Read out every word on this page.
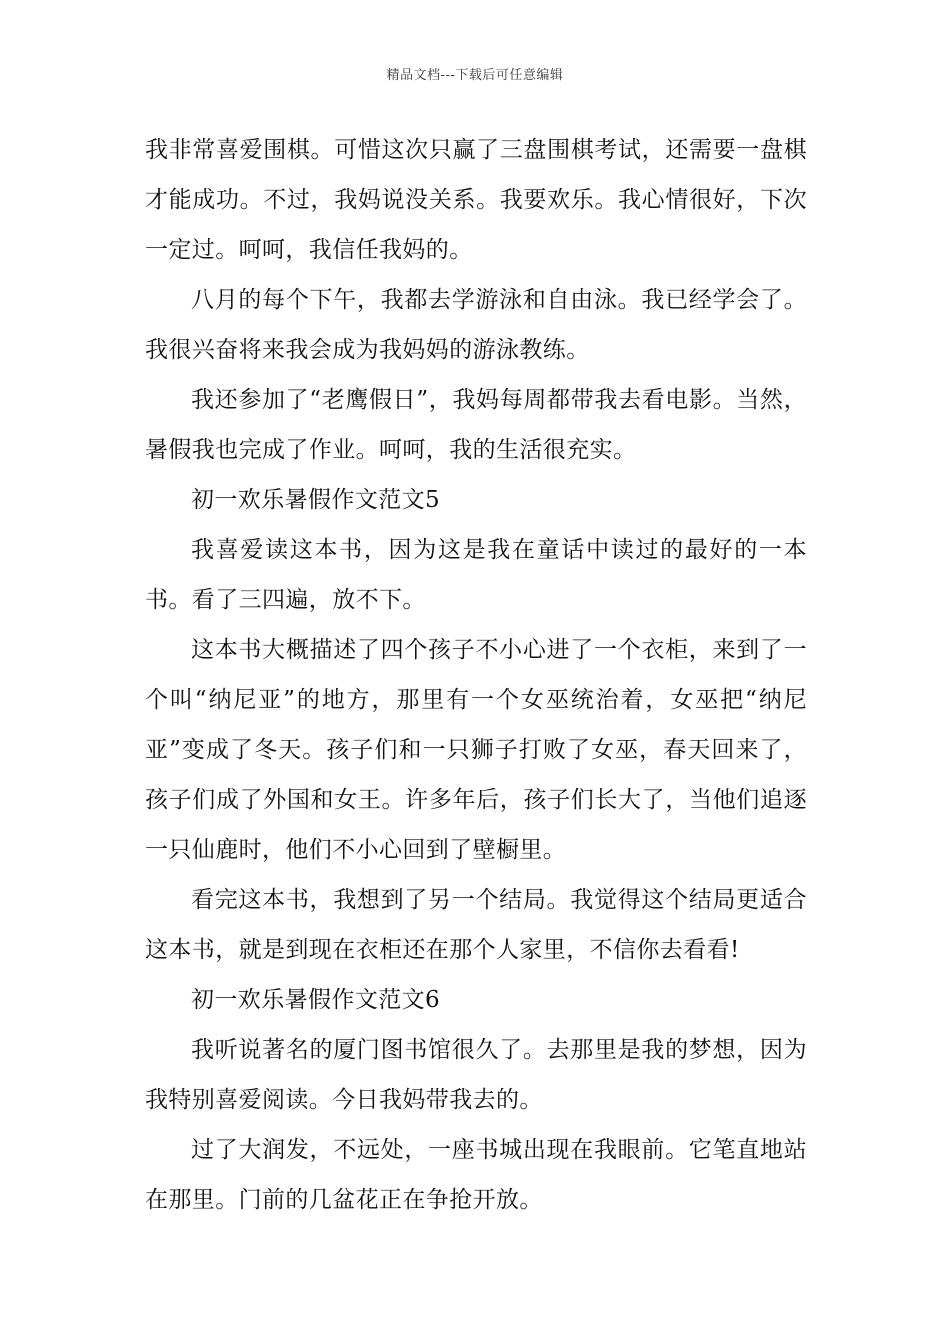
精品文档---下载后可任意编辑

我非常喜爱围棋。可惜这次只赢了三盘围棋考试，还需要一盘棋才能成功。不过，我妈说没关系。我要欢乐。我心情很好，下次一定过。呵呵，我信任我妈的。

八月的每个下午，我都去学游泳和自由泳。我已经学会了。我很兴奋将来我会成为我妈妈的游泳教练。

我还参加了“老鹰假日”，我妈每周都带我去看电影。当然，暑假我也完成了作业。呵呵，我的生活很充实。

初一欢乐暑假作文范文5

我喜爱读这本书，因为这是我在童话中读过的最好的一本书。看了三四遍，放不下。

这本书大概描述了四个孩子不小心进了一个衣柜，来到了一个叫“纳尼亚”的地方，那里有一个女巫统治着，女巫把“纳尼亚”变成了冬天。孩子们和一只狮子打败了女巫，春天回来了，孩子们成了外国和女王。许多年后，孩子们长大了，当他们追逐一只仙鹿时，他们不小心回到了壁橱里。

看完这本书，我想到了另一个结局。我觉得这个结局更适合这本书，就是到现在衣柜还在那个人家里，不信你去看看!

初一欢乐暑假作文范文6

我听说著名的厦门图书馆很久了。去那里是我的梦想，因为我特别喜爱阅读。今日我妈带我去的。

过了大润发，不远处，一座书城出现在我眼前。它笔直地站在那里。门前的几盆花正在争抢开放。
